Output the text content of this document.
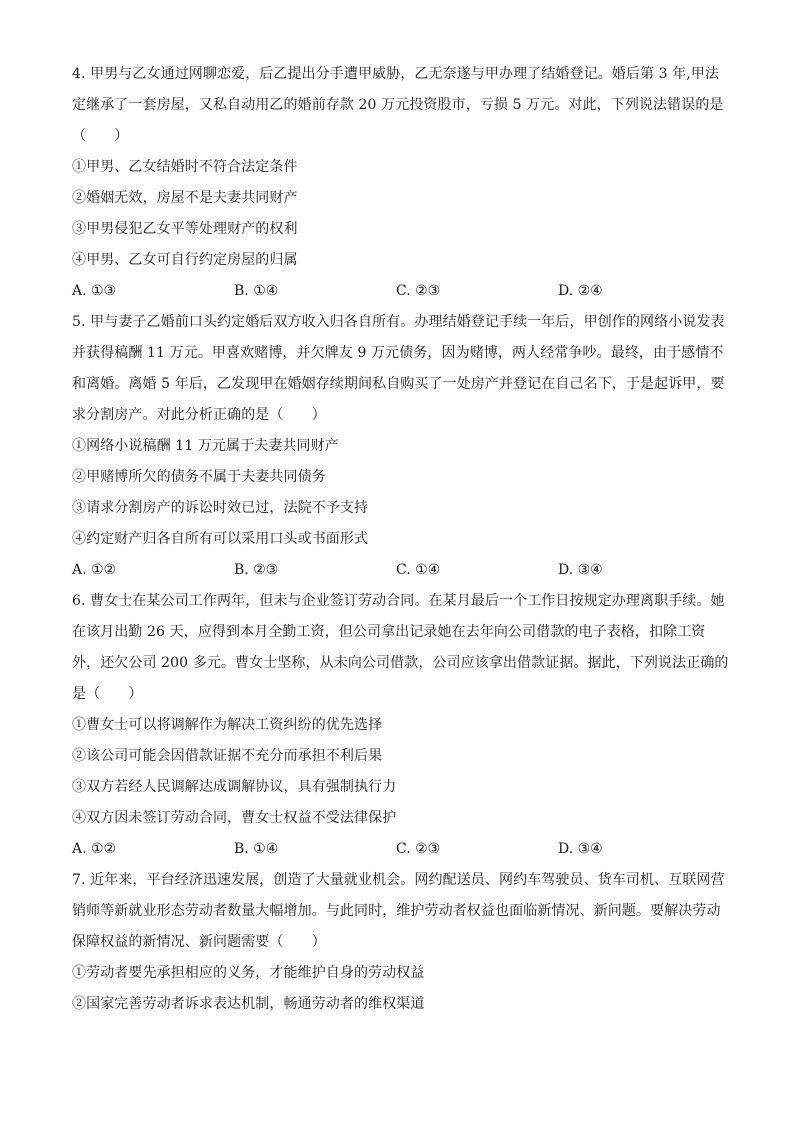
4. 甲男与乙女通过网聊恋爱，后乙提出分手遭甲威胁，乙无奈遂与甲办理了结婚登记。婚后第 3 年,甲法
定继承了一套房屋，又私自动用乙的婚前存款 20 万元投资股市，亏损 5 万元。对此，下列说法错误的是
（　　）
①甲男、乙女结婚时不符合法定条件
②婚姻无效，房屋不是夫妻共同财产
③甲男侵犯乙女平等处理财产的权利
④甲男、乙女可自行约定房屋的归属
A. ①③	B. ①④	C. ②③	D. ②④
5. 甲与妻子乙婚前口头约定婚后双方收入归各自所有。办理结婚登记手续一年后，甲创作的网络小说发表
并获得稿酬 11 万元。甲喜欢赌博，并欠牌友 9 万元债务，因为赌博，两人经常争吵。最终，由于感情不
和离婚。离婚 5 年后，乙发现甲在婚姻存续期间私自购买了一处房产并登记在自己名下，于是起诉甲，要
求分割房产。对此分析正确的是（　　）
①网络小说稿酬 11 万元属于夫妻共同财产
②甲赌博所欠的债务不属于夫妻共同债务
③请求分割房产的诉讼时效已过，法院不予支持
④约定财产归各自所有可以采用口头或书面形式
A. ①②	B. ②③	C. ①④	D. ③④
6. 曹女士在某公司工作两年，但未与企业签订劳动合同。在某月最后一个工作日按规定办理离职手续。她
在该月出勤 26 天，应得到本月全勤工资，但公司拿出记录她在去年向公司借款的电子表格，扣除工资
外，还欠公司 200 多元。曹女士坚称，从未向公司借款，公司应该拿出借款证据。据此，下列说法正确的
是（　　）
①曹女士可以将调解作为解决工资纠纷的优先选择
②该公司可能会因借款证据不充分而承担不利后果
③双方若经人民调解达成调解协议，具有强制执行力
④双方因未签订劳动合同，曹女士权益不受法律保护
A. ①②	B. ①④	C. ②③	D. ③④
7. 近年来，平台经济迅速发展，创造了大量就业机会。网约配送员、网约车驾驶员、货车司机、互联网营
销师等新就业形态劳动者数量大幅增加。与此同时，维护劳动者权益也面临新情况、新问题。要解决劳动
保障权益的新情况、新问题需要（　　）
①劳动者要先承担相应的义务，才能维护自身的劳动权益
②国家完善劳动者诉求表达机制，畅通劳动者的维权渠道
